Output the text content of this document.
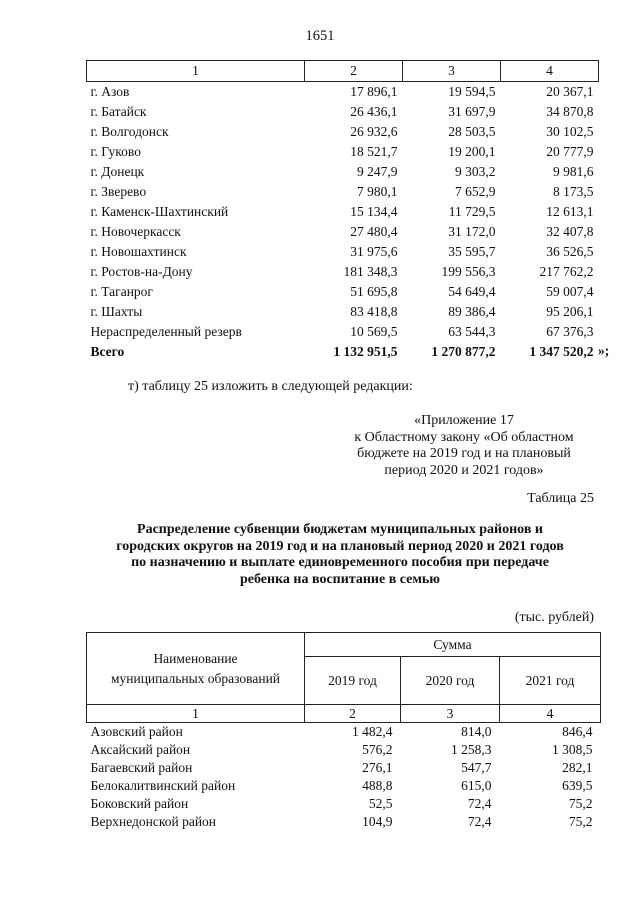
1651
1	2	3	4
г. Азов	17 896,1	19 594,5	20 367,1
г. Батайск	26 436,1	31 697,9	34 870,8
г. Волгодонск	26 932,6	28 503,5	30 102,5
г. Гуково	18 521,7	19 200,1	20 777,9
г. Донецк	9 247,9	9 303,2	9 981,6
г. Зверево	7 980,1	7 652,9	8 173,5
г. Каменск-Шахтинский	15 134,4	11 729,5	12 613,1
г. Новочеркасск	27 480,4	31 172,0	32 407,8
г. Новошахтинск	31 975,6	35 595,7	36 526,5
г. Ростов-на-Дону	181 348,3	199 556,3	217 762,2
г. Таганрог	51 695,8	54 649,4	59 007,4
г. Шахты	83 418,8	89 386,4	95 206,1
Нераспределенный резерв	10 569,5	63 544,3	67 376,3
Всего	1 132 951,5	1 270 877,2	1 347 520,2 »;
т) таблицу 25 изложить в следующей редакции:
«Приложение 17
к Областному закону «Об областном
бюджете на 2019 год и на плановый
период 2020 и 2021 годов»
Таблица 25
Распределение субвенции бюджетам муниципальных районов и
городских округов на 2019 год и на плановый период 2020 и 2021 годов
по назначению и выплате единовременного пособия при передаче
ребенка на воспитание в семью
(тыс. рублей)
Наименование
муниципальных образований	Сумма		
	2019 год	2020 год	2021 год
1	2	3	4
Азовский район	1 482,4	814,0	846,4
Аксайский район	576,2	1 258,3	1 308,5
Багаевский район	276,1	547,7	282,1
Белокалитвинский район	488,8	615,0	639,5
Боковский район	52,5	72,4	75,2
Верхнедонской район	104,9	72,4	75,2
